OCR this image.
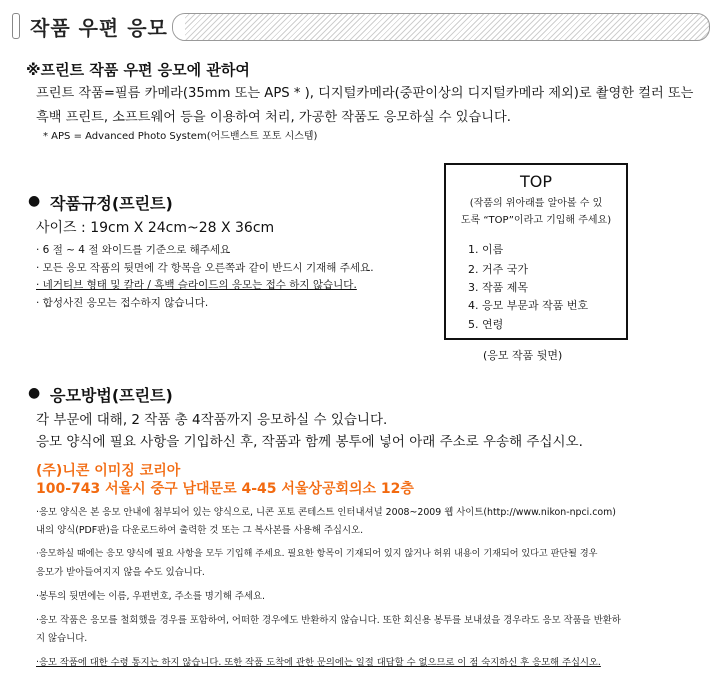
작품 우편 응모
※프린트 작품 우편 응모에 관하여
프린트 작품=필름 카메라(35mm 또는 APS * ), 디지털카메라(중판이상의 디지털카메라 제외)로 촬영한 컬러 또는
흑백 프린트, 소프트웨어 등을 이용하여 처리, 가공한 작품도 응모하실 수 있습니다.
* APS = Advanced Photo System(어드밴스트 포토 시스템)
● 작품규정(프린트)
사이즈 : 19cm X 24cm~28 X 36cm
· 6 절 ~ 4 절 와이드를 기준으로 해주세요
· 모든 응모 작품의 뒷면에 각 항목을 오른쪽과 같이 반드시 기재해 주세요.
· 네거티브 형태 및 칼라 / 흑백 슬라이드의 응모는 접수 하지 않습니다.
· 합성사진 응모는 접수하지 않습니다.
TOP
(작품의 위아래를 알아볼 수 있
도록 “TOP”이라고 기입해 주세요)
1. 이름
2. 거주 국가
3. 작품 제목
4. 응모 부문과 작품 번호
5. 연령
(응모 작품 뒷면)
● 응모방법(프린트)
각 부문에 대해, 2 작품 총 4작품까지 응모하실 수 있습니다.
응모 양식에 필요 사항을 기입하신 후, 작품과 함께 봉투에 넣어 아래 주소로 우송해 주십시오.
(주)니콘 이미징 코리아
100-743 서울시 중구 남대문로 4-45 서울상공회의소 12층
·응모 양식은 본 응모 안내에 첨부되어 있는 양식으로, 니콘 포토 콘테스트 인터내셔널 2008~2009 웹 사이트(http://www.nikon-npci.com)
내의 양식(PDF판)을 다운로드하여 출력한 것 또는 그 복사본를 사용해 주십시오.
·응모하실 때에는 응모 양식에 필요 사항을 모두 기입해 주세요. 필요한 항목이 기재되어 있지 않거나 허위 내용이 기재되어 있다고 판단될 경우
응모가 받아들여지지 않을 수도 있습니다.
·봉투의 뒷면에는 이름, 우편번호, 주소를 명기해 주세요.
·응모 작품은 응모를 철회했을 경우를 포함하여, 어떠한 경우에도 반환하지 않습니다. 또한 회신용 봉투를 보내셨을 경우라도 응모 작품을 반환하
지 않습니다.
·응모 작품에 대한 수령 통지는 하지 않습니다. 또한 작품 도착에 관한 문의에는 일절 대답할 수 없으므로 이 점 숙지하신 후 응모해 주십시오.
